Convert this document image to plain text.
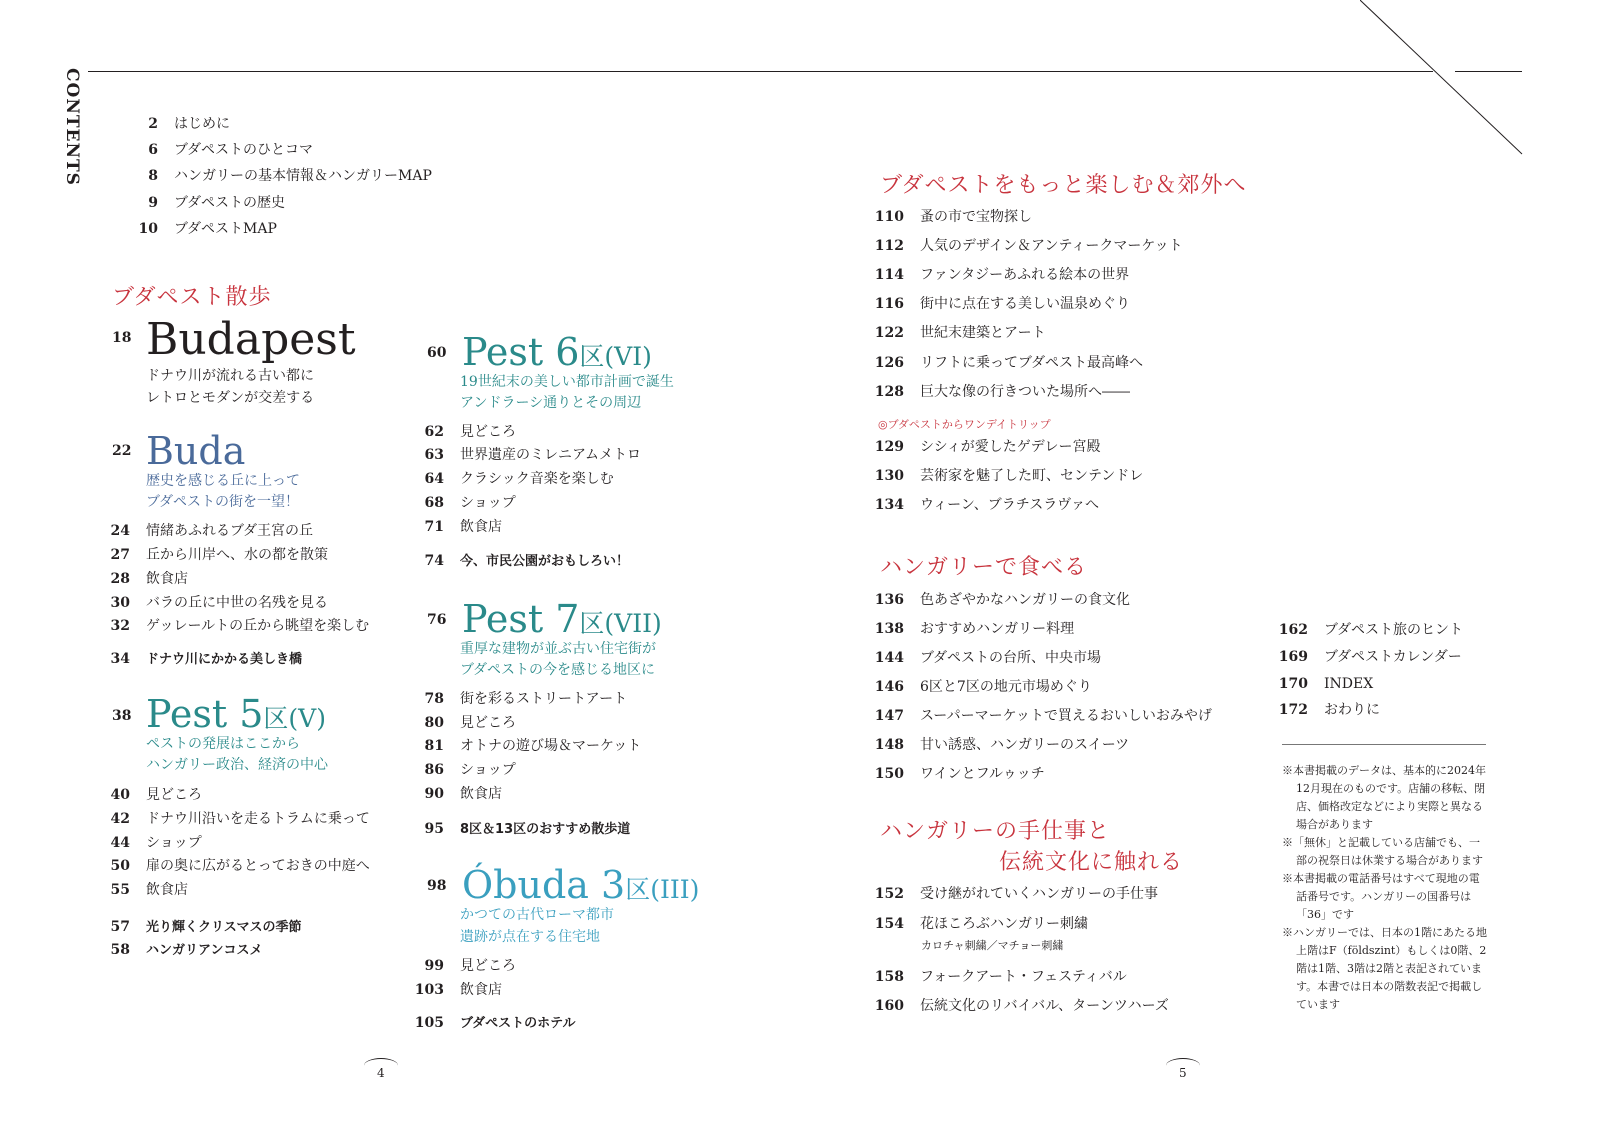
CONTENTS	2 はじめに
6 ブダペストのひとコマ
8 ハンガリーの基本情報＆ハンガリーMAP
9 ブダペストの歴史
10 ブダペストMAP
ブダペスト散歩
18 Budapest
ドナウ川が流れる古い都に
レトロとモダンが交差する
22 Buda
歴史を感じる丘に上って
ブダペストの街を一望！
24 情緒あふれるブダ王宮の丘
27 丘から川岸へ、水の都を散策
28 飲食店
30 バラの丘に中世の名残を見る
32 ゲッレールトの丘から眺望を楽しむ
34 ドナウ川にかかる美しき橋
38 Pest 5区(V)
ペストの発展はここから
ハンガリー政治、経済の中心
40 見どころ
42 ドナウ川沿いを走るトラムに乗って
44 ショップ
50 扉の奥に広がるとっておきの中庭へ
55 飲食店
57 光り輝くクリスマスの季節
58 ハンガリアンコスメ
60 Pest 6区(VI)
19世紀末の美しい都市計画で誕生
アンドラーシ通りとその周辺
62 見どころ
63 世界遺産のミレニアムメトロ
64 クラシック音楽を楽しむ
68 ショップ
71 飲食店
74 今、市民公園がおもしろい！
76 Pest 7区(VII)
重厚な建物が並ぶ古い住宅街が
ブダペストの今を感じる地区に
78 街を彩るストリートアート
80 見どころ
81 オトナの遊び場＆マーケット
86 ショップ
90 飲食店
95 8区＆13区のおすすめ散歩道
98 Óbuda 3区(III)
かつての古代ローマ都市
遺跡が点在する住宅地
99 見どころ
103 飲食店
105 ブダペストのホテル
ブダペストをもっと楽しむ＆郊外へ
110 蚤の市で宝物探し
112 人気のデザイン＆アンティークマーケット
114 ファンタジーあふれる絵本の世界
116 街中に点在する美しい温泉めぐり
122 世紀末建築とアート
126 リフトに乗ってブダペスト最高峰へ
128 巨大な像の行きついた場所へ――
◎ブダペストからワンデイトリップ
129 シシィが愛したゲデレー宮殿
130 芸術家を魅了した町、センテンドレ
134 ウィーン、ブラチスラヴァへ
ハンガリーで食べる
136 色あざやかなハンガリーの食文化
138 おすすめハンガリー料理
144 ブダペストの台所、中央市場
146 6区と7区の地元市場めぐり
147 スーパーマーケットで買えるおいしいおみやげ
148 甘い誘惑、ハンガリーのスイーツ
150 ワインとフルゥッチ
ハンガリーの手仕事と
伝統文化に触れる
152 受け継がれていくハンガリーの手仕事
154 花ほころぶハンガリー刺繍
カロチャ刺繍／マチョー刺繍
158 フォークアート・フェスティバル
160 伝統文化のリバイバル、ターンツハーズ
162 ブダペスト旅のヒント
169 ブダペストカレンダー
170 INDEX
172 おわりに

※本書掲載のデータは、基本的に2024年12月現在のものです。店舗の移転、閉店、価格改定などにより実際と異なる場合があります

※「無休」と記載している店舗でも、一部の祝祭日は休業する場合があります

※本書掲載の電話番号はすべて現地の電話番号です。ハンガリーの国番号は「36」です

※ハンガリーでは、日本の1階にあたる地上階はF（földszint）もしくは0階、2階は1階、3階は2階と表記されています。本書では日本の階数表記で掲載しています

4	5
